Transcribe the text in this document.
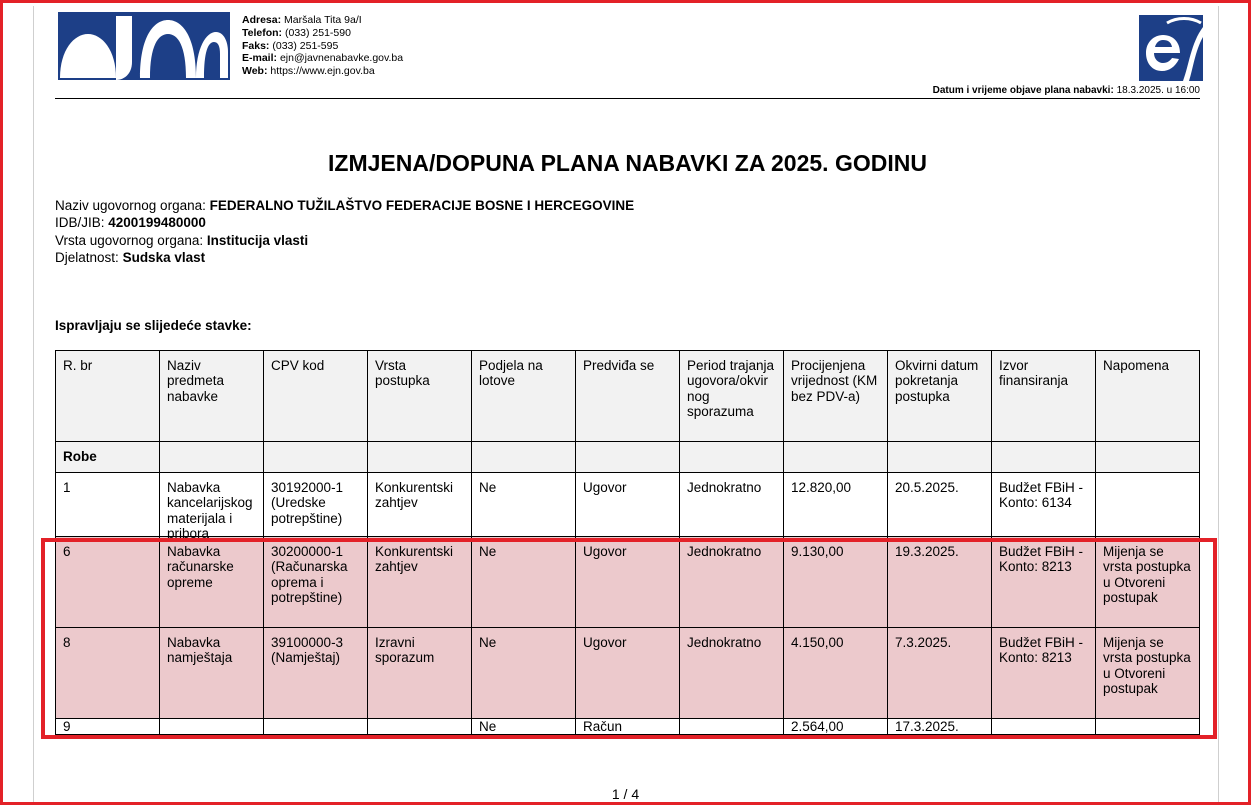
Adresa: Maršala Tita 9a/I
Telefon: (033) 251-590
Faks: (033) 251-595
E-mail: ejn@javnenabavke.gov.ba
Web: https://www.ejn.gov.ba
Datum i vrijeme objave plana nabavki: 18.3.2025. u 16:00
IZMJENA/DOPUNA PLANA NABAVKI ZA 2025. GODINU
Naziv ugovornog organa: FEDERALNO TUŽILAŠTVO FEDERACIJE BOSNE I HERCEGOVINE
IDB/JIB: 4200199480000
Vrsta ugovornog organa: Institucija vlasti
Djelatnost: Sudska vlast
Ispravljaju se slijedeće stavke:
R. br	Naziv predmeta nabavke	CPV kod	Vrsta postupka	Podjela na lotove	Predviđa se	Period trajanja ugovora/okvir nog sporazuma	Procijenjena vrijednost (KM bez PDV-a)	Okvirni datum pokretanja postupka	Izvor finansiranja	Napomena
Robe										

1	Nabavka kancelarijskog materijala i pribora	30192000-1 (Uredske potrepštine)	Konkurentski zahtjev	Ne	Ugovor	Jednokratno	12.820,00	20.5.2025.	Budžet FBiH - Konto: 6134	

6	Nabavka računarske opreme	30200000-1 (Računarska oprema i potrepštine)	Konkurentski zahtjev	Ne	Ugovor	Jednokratno	9.130,00	19.3.2025.	Budžet FBiH - Konto: 8213	Mijenja se vrsta postupka u Otvoreni postupak
8	Nabavka namještaja	39100000-3 (Namještaj)	Izravni sporazum	Ne	Ugovor	Jednokratno	4.150,00	7.3.2025.	Budžet FBiH - Konto: 8213	Mijenja se vrsta postupka u Otvoreni postupak
9				Ne	Račun		2.564,00	17.3.2025.		
1 / 4
